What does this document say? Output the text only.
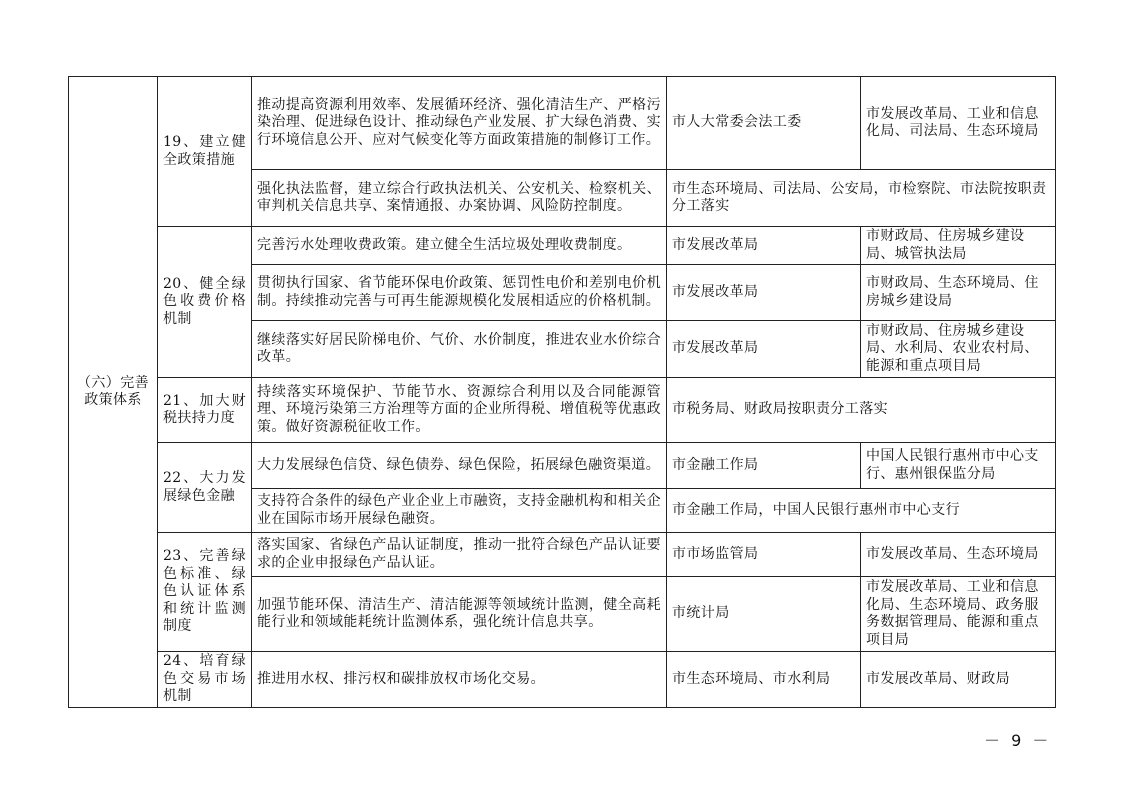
（六）完善政策体系	19、建立健全政策措施	推动提高资源利用效率、发展循环经济、强化清洁生产、严格污染治理、促进绿色设计、推动绿色产业发展、扩大绿色消费、实行环境信息公开、应对气候变化等方面政策措施的制修订工作。	市人大常委会法工委	市发展改革局、工业和信息化局、司法局、生态环境局
		强化执法监督，建立综合行政执法机关、公安机关、检察机关、审判机关信息共享、案情通报、办案协调、风险防控制度。	市生态环境局、司法局、公安局，市检察院、市法院按职责分工落实	
	20、健全绿色收费价格机制	完善污水处理收费政策。建立健全生活垃圾处理收费制度。	市发展改革局	市财政局、住房城乡建设局、城管执法局
		贯彻执行国家、省节能环保电价政策、惩罚性电价和差别电价机制。持续推动完善与可再生能源规模化发展相适应的价格机制。	市发展改革局	市财政局、生态环境局、住房城乡建设局
		继续落实好居民阶梯电价、气价、水价制度，推进农业水价综合改革。	市发展改革局	市财政局、住房城乡建设局、水利局、农业农村局、能源和重点项目局
	21、加大财税扶持力度	持续落实环境保护、节能节水、资源综合利用以及合同能源管理、环境污染第三方治理等方面的企业所得税、增值税等优惠政策。做好资源税征收工作。	市税务局、财政局按职责分工落实	
	22、大力发展绿色金融	大力发展绿色信贷、绿色债券、绿色保险，拓展绿色融资渠道。	市金融工作局	中国人民银行惠州市中心支行、惠州银保监分局
		支持符合条件的绿色产业企业上市融资，支持金融机构和相关企业在国际市场开展绿色融资。	市金融工作局，中国人民银行惠州市中心支行	
	23、完善绿色标准、绿色认证体系和统计监测制度	落实国家、省绿色产品认证制度，推动一批符合绿色产品认证要求的企业申报绿色产品认证。	市市场监管局	市发展改革局、生态环境局
		加强节能环保、清洁生产、清洁能源等领域统计监测，健全高耗能行业和领域能耗统计监测体系，强化统计信息共享。	市统计局	市发展改革局、工业和信息化局、生态环境局、政务服务数据管理局、能源和重点项目局
	24、培育绿色交易市场机制	推进用水权、排污权和碳排放权市场化交易。	市生态环境局、市水利局	市发展改革局、财政局
－ 9 －
